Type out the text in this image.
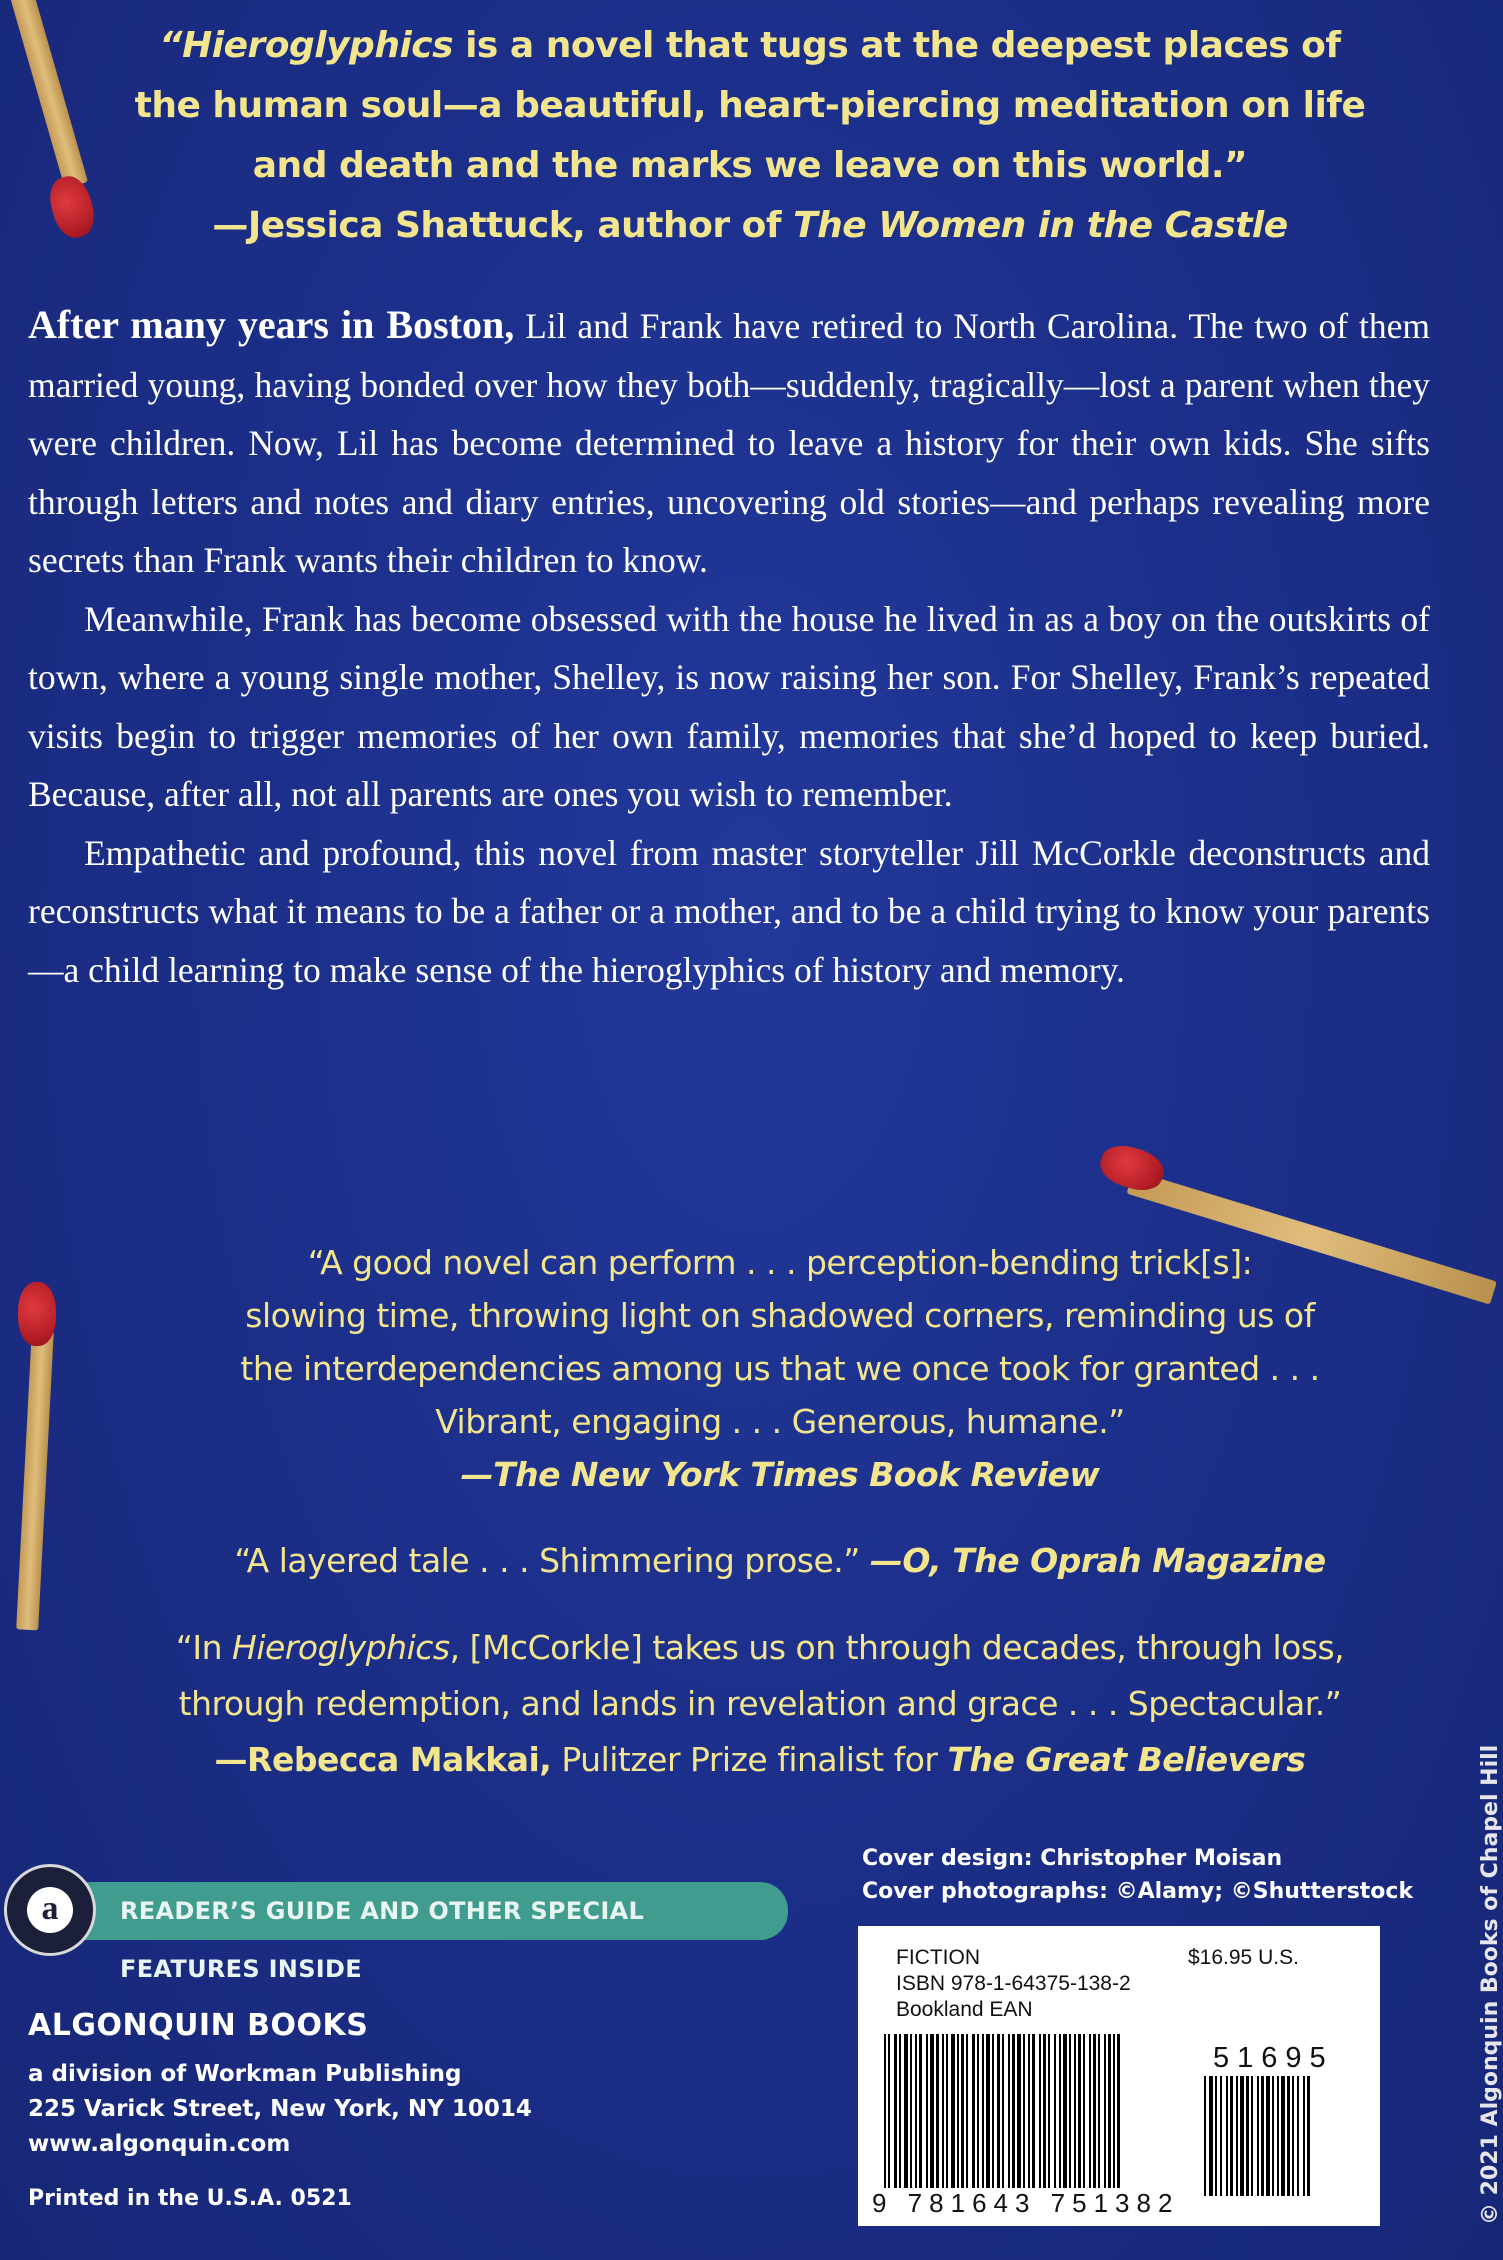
“Hieroglyphics is a novel that tugs at the deepest places of
the human soul—a beautiful, heart-piercing meditation on life
and death and the marks we leave on this world.”
—Jessica Shattuck, author of The Women in the Castle

After many years in Boston, Lil and Frank have retired to North Carolina. The two of them married young, having bonded over how they both—suddenly, tragically—lost a parent when they were children. Now, Lil has become determined to leave a history for their own kids. She sifts through letters and notes and diary entries, uncovering old stories—and perhaps revealing more secrets than Frank wants their children to know.

Meanwhile, Frank has become obsessed with the house he lived in as a boy on the outskirts of town, where a young single mother, Shelley, is now raising her son. For Shelley, Frank’s repeated visits begin to trigger memories of her own family, memories that she’d hoped to keep buried. Because, after all, not all parents are ones you wish to remember.

Empathetic and profound, this novel from master storyteller Jill McCorkle deconstructs and reconstructs what it means to be a father or a mother, and to be a child trying to know your parents—a child learning to make sense of the hieroglyphics of history and memory.

“A good novel can perform . . . perception-bending trick[s]:
slowing time, throwing light on shadowed corners, reminding us of
the interdependencies among us that we once took for granted . . .
Vibrant, engaging . . . Generous, humane.”
—The New York Times Book Review
“A layered tale . . . Shimmering prose.” —O, The Oprah Magazine
“In Hieroglyphics, [McCorkle] takes us on through decades, through loss,
through redemption, and lands in revelation and grace . . . Spectacular.”
—Rebecca Makkai, Pulitzer Prize finalist for The Great Believers
READER’S GUIDE AND OTHER SPECIAL FEATURES INSIDE
a
ALGONQUIN BOOKS
a division of Workman Publishing
225 Varick Street, New York, NY 10014
www.algonquin.com
Printed in the U.S.A. 0521
Cover design: Christopher Moisan
Cover photographs: ©Alamy; ©Shutterstock
FICTION	$16.95 U.S.
ISBN 978-1-64375-138-2
Bookland EAN
51695
9 781643 751382	© 2021 Algonquin Books of Chapel Hill
